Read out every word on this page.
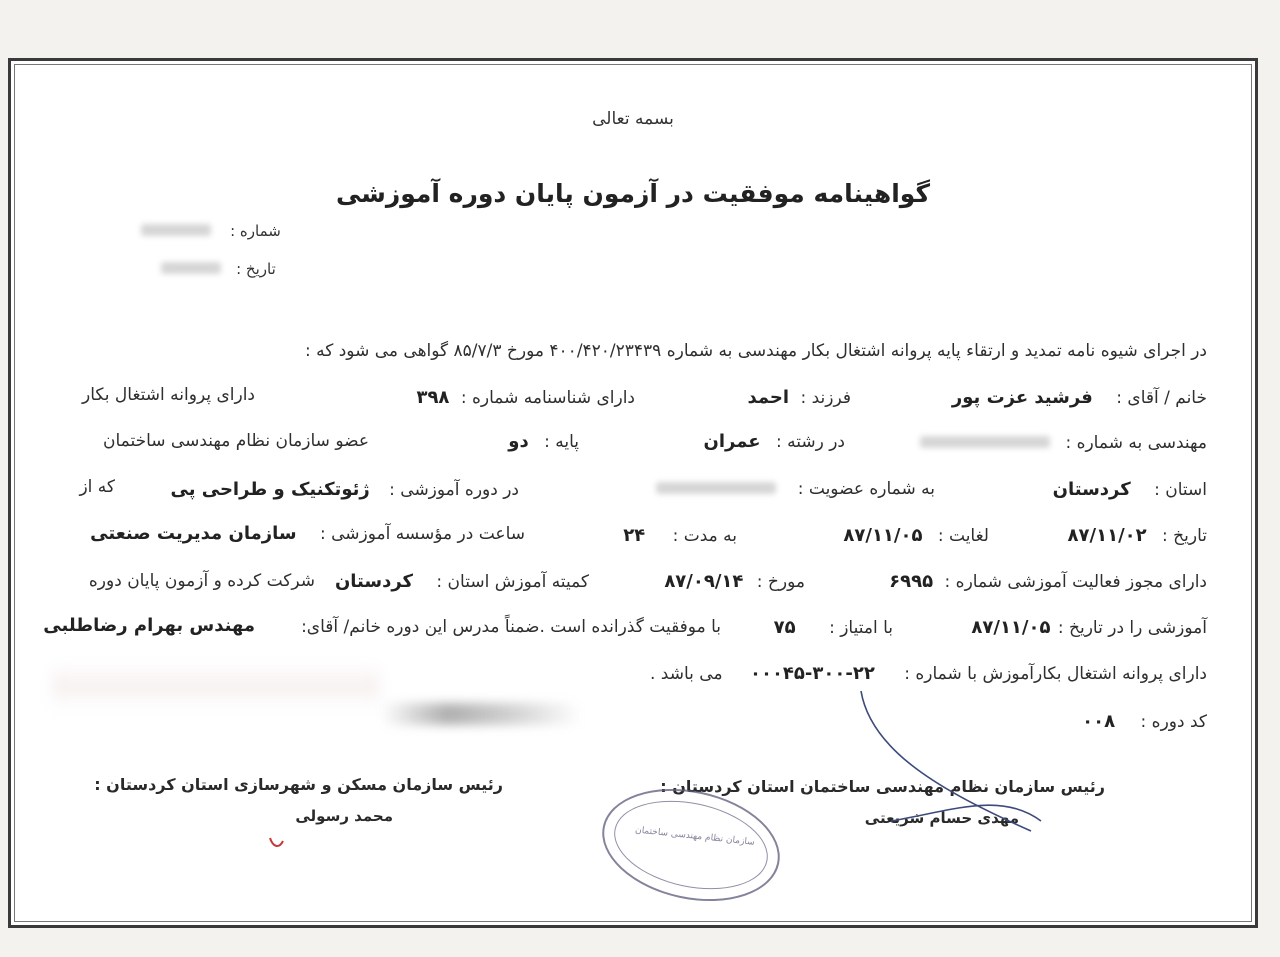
بسمه تعالی
گواهینامه موفقیت در آزمون پایان دوره آموزشی
شماره :
تاریخ :
در اجرای شیوه نامه تمدید و ارتقاء پایه پروانه اشتغال بکار مهندسی به شماره ۴۰۰/۴۲۰/۲۳۴۳۹ مورخ ۸۵/۷/۳ گواهی می شود که :
خانم / آقای : فرشید عزت پور
فرزند : احمد
دارای شناسنامه شماره : ۳۹۸
دارای پروانه اشتغال بکار
مهندسی به شماره :
در رشته : عمران
پایه : دو
عضو سازمان نظام مهندسی ساختمان
استان : کردستان
به شماره عضویت :
در دوره آموزشی : ژئوتکنیک و طراحی پی
که از
تاریخ : ۸۷/۱۱/۰۲
لغایت : ۸۷/۱۱/۰۵
به مدت : ۲۴
ساعت در مؤسسه آموزشی : سازمان مدیریت صنعتی
دارای مجوز فعالیت آموزشی شماره : ۶۹۹۵
مورخ : ۸۷/۰۹/۱۴
کمیته آموزش استان : کردستان
شرکت کرده و آزمون پایان دوره
آموزشی را در تاریخ : ۸۷/۱۱/۰۵
با امتیاز : ۷۵
با موفقیت گذرانده است .ضمناً مدرس این دوره خانم/ آقای:
مهندس بهرام رضاطلبی
دارای پروانه اشتغال بکارآموزش با شماره : ۲۲-۳۰۰-۰۰۰۴۵ می باشد .
کد دوره : ۰۰۸
رئیس سازمان نظام مهندسی ساختمان استان کردستان :
مهدی حسام شریعتی
رئیس سازمان مسکن و شهرسازی استان کردستان :
محمد رسولی
سازمان نظام مهندسی ساختمان
